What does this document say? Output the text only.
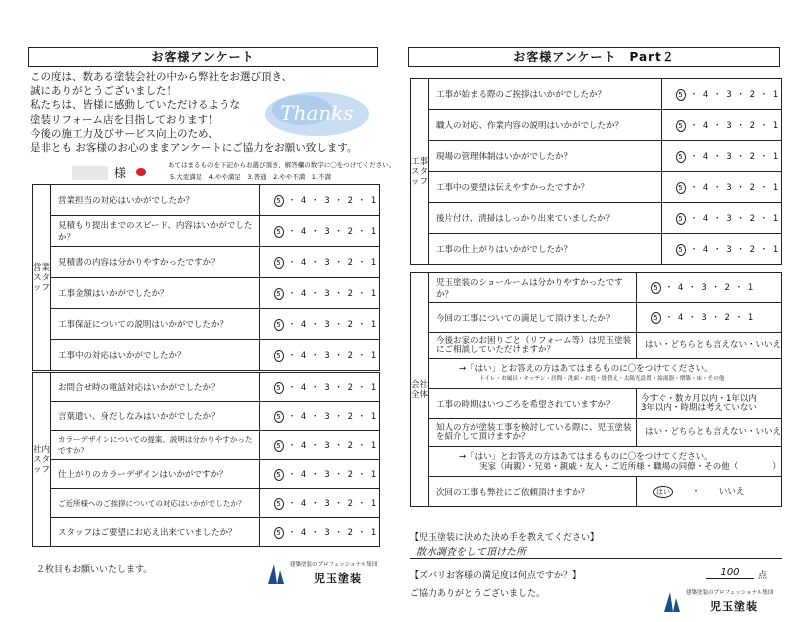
お客様アンケート
この度は、数ある塗装会社の中から弊社をお選び頂き、
誠にありがとうございました！
私たちは、皆様に感動していただけるような
塗装リフォーム店を目指しております！
今後の施工力及びサービス向上のため、
是非とも お客様のお心のままアンケートにご協力をお願い致します。
Thanks
様
あてはまるものを下記からお選び頂き、解答欄の数字に〇をつけてください。
5.大変満足　4.やや満足　3.普通　2.やや不満　1.不満
営業スタッフ	営業担当の対応はいかがでしたか？	5 ・ 4 ・ 3 ・ 2 ・ 1
	見積もり提出までのスピード、内容はいかがでしたか？	5 ・ 4 ・ 3 ・ 2 ・ 1
	見積書の内容は分かりやすかったですか？	5 ・ 4 ・ 3 ・ 2 ・ 1
	工事金額はいかがでしたか？	5 ・ 4 ・ 3 ・ 2 ・ 1
	工事保証についての説明はいかがでしたか？	5 ・ 4 ・ 3 ・ 2 ・ 1
	工事中の対応はいかがでしたか？	5 ・ 4 ・ 3 ・ 2 ・ 1
社内スタッフ	お問合せ時の電話対応はいかがでしたか？	5 ・ 4 ・ 3 ・ 2 ・ 1
	言葉遣い、身だしなみはいかがでしたか？	5 ・ 4 ・ 3 ・ 2 ・ 1
	カラーデザインについての提案、説明は分かりやすかったですか？	5 ・ 4 ・ 3 ・ 2 ・ 1
	仕上がりのカラーデザインはいかがですか？	5 ・ 4 ・ 3 ・ 2 ・ 1
	ご近所様へのご挨拶についての対応はいかがでしたか？	5 ・ 4 ・ 3 ・ 2 ・ 1
	スタッフはご要望にお応え出来ていましたか？	5 ・ 4 ・ 3 ・ 2 ・ 1
２枚目もお願いいたします。	建築塗装のプロフェッショナル集団
児玉塗装
お客様アンケート　Part２
工事スタッフ	工事が始まる際のご挨拶はいかがでしたか？	5 ・ 4 ・ 3 ・ 2 ・ 1
	職人の対応、作業内容の説明はいかがでしたか？	5 ・ 4 ・ 3 ・ 2 ・ 1
	現場の管理体制はいかがでしたか？	5 ・ 4 ・ 3 ・ 2 ・ 1
	工事中の要望は伝えやすかったですか？	5 ・ 4 ・ 3 ・ 2 ・ 1
	後片付け、清掃はしっかり出来ていましたか？	5 ・ 4 ・ 3 ・ 2 ・ 1
	工事の仕上がりはいかがでしたか？	5 ・ 4 ・ 3 ・ 2 ・ 1
会社全体	児玉塗装のショールームは分かりやすかったですか？	5 ・ 4 ・ 3 ・ 2 ・ 1
	今回の工事についての満足して頂けましたか？	5 ・ 4 ・ 3 ・ 2 ・ 1
	今後お家のお困りごと（リフォーム等）は児玉塗装にご相談していただけますか？	はい・どちらとも言えない・いいえ

	→「はい」とお答えの方はあてはまるものに〇をつけてください。
トイレ・お風呂・キッチン・居間・洗面・お庭・畳替え・太陽光設置・給湯器・増築・床・その他	

	工事の時期はいつごろを希望されていますか？	今すぐ・数カ月以内・1年以内
3年以内・時期は考えていない

	知人の方が塗装工事を検討している際に、児玉塗装を紹介して頂けますか？	はい・どちらとも言えない・いいえ

	→「はい」とお答えの方はあてはまるものに〇をつけてください。
実家（両親）・兄弟・親戚・友人・ご近所様・職場の同僚・その他（　　　　）	

	次回の工事も弊社にご依頼頂けますか？	はい ・ いいえ
【児玉塗装に決めた決め手を教えてください】
散水調査をして頂けた所
【ズバリお客様の満足度は何点ですか？】	100	点
ご協力ありがとうございました。	建築塗装のプロフェッショナル集団
児玉塗装
